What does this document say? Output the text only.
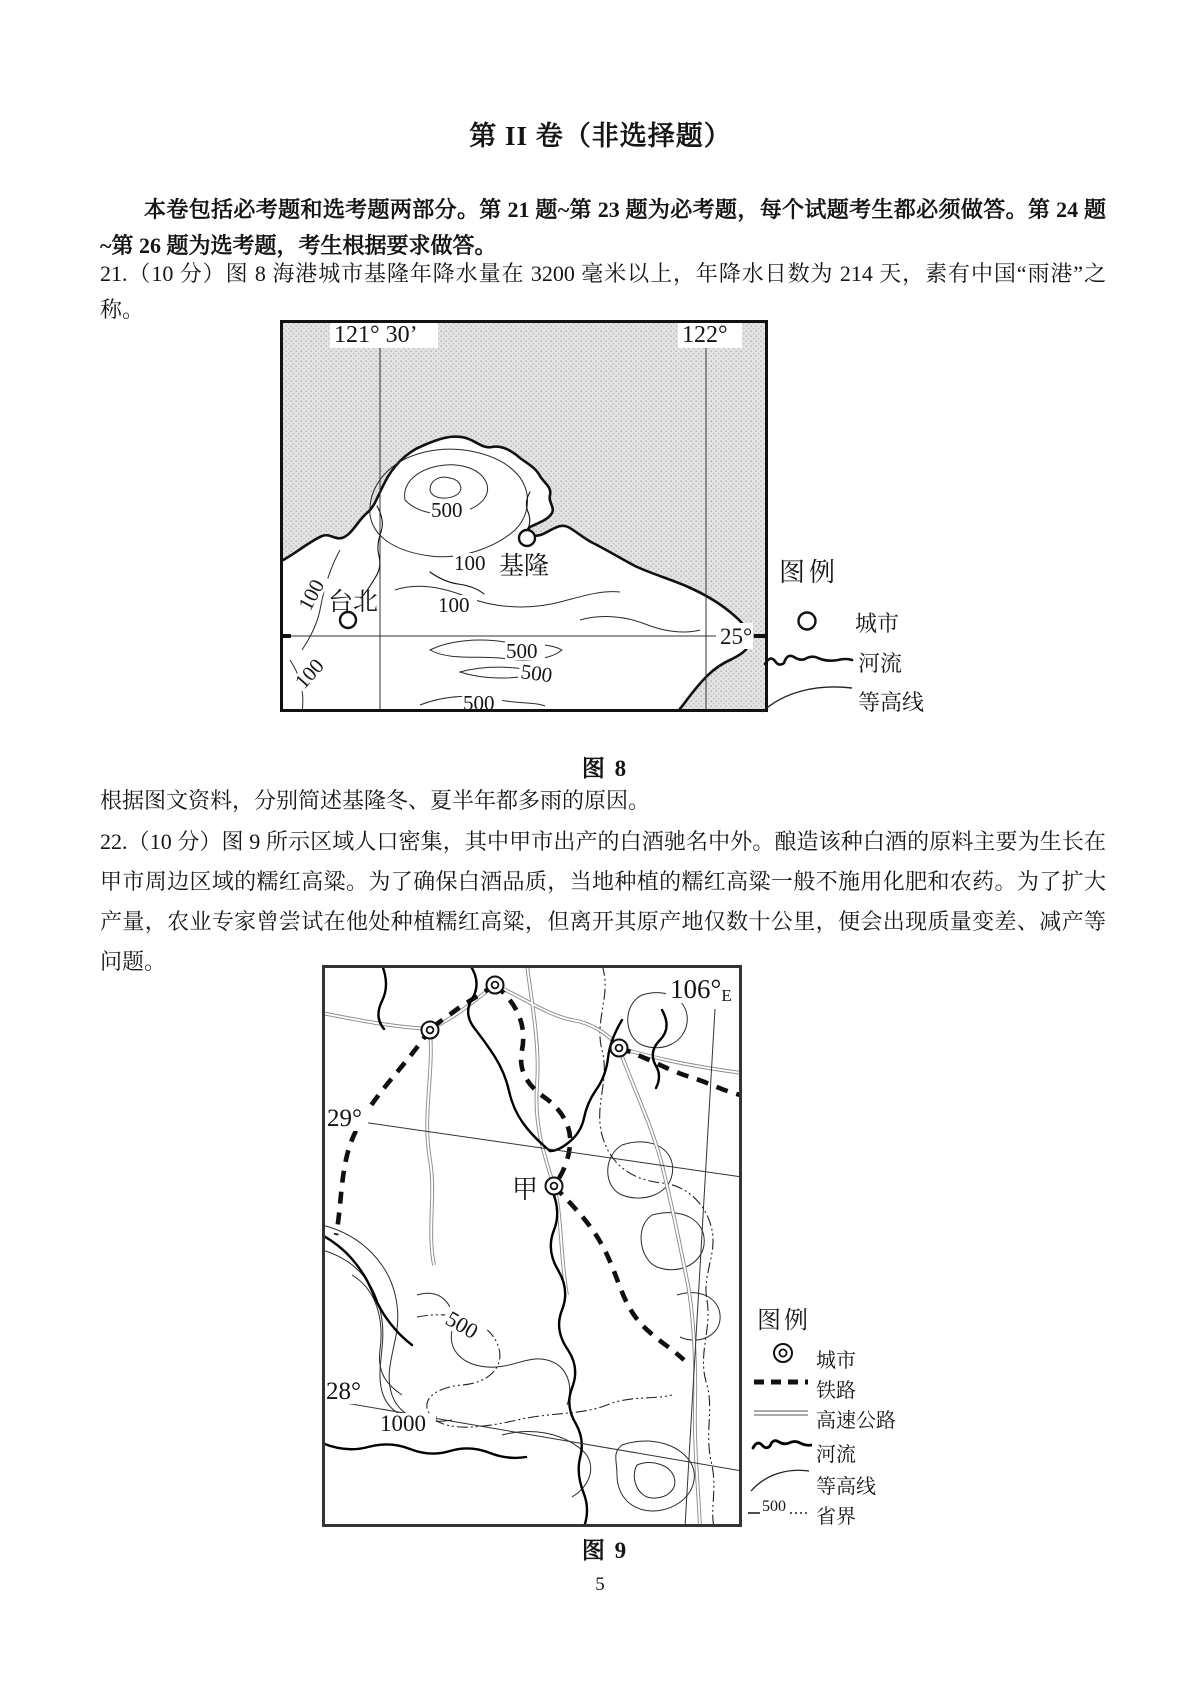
第 II 卷（非选择题）
本卷包括必考题和选考题两部分。第 21 题~第 23 题为必考题，每个试题考生都必须做答。第 24 题
~第 26 题为选考题，考生根据要求做答。
21.（10 分）图 8 海港城市基隆年降水量在 3200 毫米以上，年降水日数为 214 天，素有中国“雨港”之
称。
121° 30’	122°
25°
基隆
台北
500
100
100	100
500
500
100
500
图例
城市
河流
等高线
图 8
根据图文资料，分别简述基隆冬、夏半年都多雨的原因。
22.（10 分）图 9 所示区域人口密集，其中甲市出产的白酒驰名中外。酿造该种白酒的原料主要为生长在
甲市周边区域的糯红高粱。为了确保白酒品质，当地种植的糯红高粱一般不施用化肥和农药。为了扩大
产量，农业专家曾尝试在他处种植糯红高粱，但离开其原产地仅数十公里，便会出现质量变差、减产等
问题。
106°E
29°
28°
500
1000
甲
图例
城市
铁路
高速公路
河流
等高线
500 省界
图 9
5
